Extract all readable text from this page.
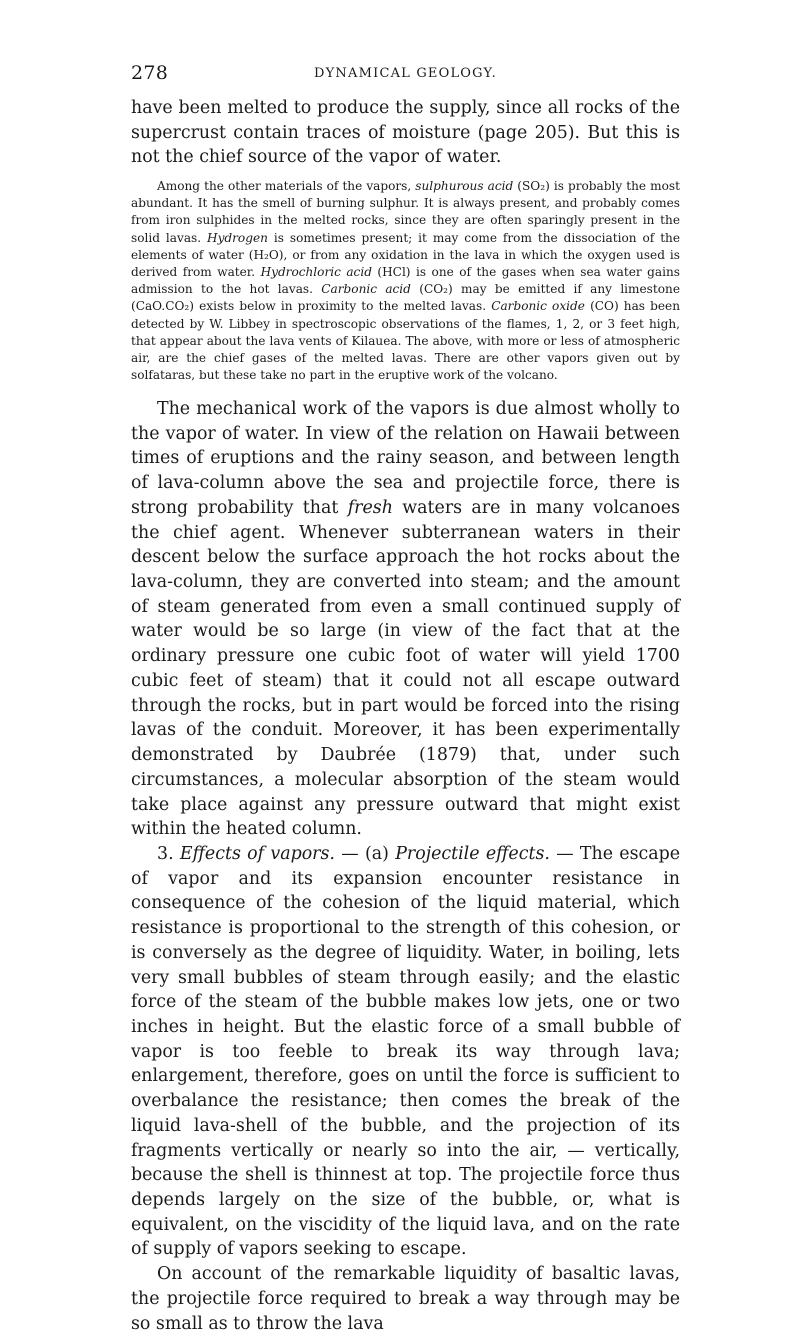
278	DYNAMICAL GEOLOGY.

have been melted to produce the supply, since all rocks of the supercrust contain traces of moisture (page 205). But this is not the chief source of the vapor of water.

Among the other materials of the vapors, sulphurous acid (SO₂) is probably the most abundant. It has the smell of burning sulphur. It is always present, and probably comes from iron sulphides in the melted rocks, since they are often sparingly present in the solid lavas. Hydrogen is sometimes present; it may come from the dissociation of the elements of water (H₂O), or from any oxidation in the lava in which the oxygen used is derived from water. Hydrochloric acid (HCl) is one of the gases when sea water gains admission to the hot lavas. Carbonic acid (CO₂) may be emitted if any limestone (CaO.CO₂) exists below in proximity to the melted lavas. Carbonic oxide (CO) has been detected by W. Libbey in spectroscopic observations of the flames, 1, 2, or 3 feet high, that appear about the lava vents of Kilauea. The above, with more or less of atmospheric air, are the chief gases of the melted lavas. There are other vapors given out by solfataras, but these take no part in the eruptive work of the volcano.

The mechanical work of the vapors is due almost wholly to the vapor of water. In view of the relation on Hawaii between times of eruptions and the rainy season, and between length of lava-column above the sea and projectile force, there is strong probability that fresh waters are in many volcanoes the chief agent. Whenever subterranean waters in their descent below the surface approach the hot rocks about the lava-column, they are converted into steam; and the amount of steam generated from even a small continued supply of water would be so large (in view of the fact that at the ordinary pressure one cubic foot of water will yield 1700 cubic feet of steam) that it could not all escape outward through the rocks, but in part would be forced into the rising lavas of the conduit. Moreover, it has been experimentally demonstrated by Daubrée (1879) that, under such circumstances, a molecular absorption of the steam would take place against any pressure outward that might exist within the heated column.

3. Effects of vapors. — (a) Projectile effects. — The escape of vapor and its expansion encounter resistance in consequence of the cohesion of the liquid material, which resistance is proportional to the strength of this cohesion, or is conversely as the degree of liquidity. Water, in boiling, lets very small bubbles of steam through easily; and the elastic force of the steam of the bubble makes low jets, one or two inches in height. But the elastic force of a small bubble of vapor is too feeble to break its way through lava; enlargement, therefore, goes on until the force is sufficient to overbalance the resistance; then comes the break of the liquid lava-shell of the bubble, and the projection of its fragments vertically or nearly so into the air, — vertically, because the shell is thinnest at top. The projectile force thus depends largely on the size of the bubble, or, what is equivalent, on the viscidity of the liquid lava, and on the rate of supply of vapors seeking to escape.

On account of the remarkable liquidity of basaltic lavas, the projectile force required to break a way through may be so small as to throw the lava
